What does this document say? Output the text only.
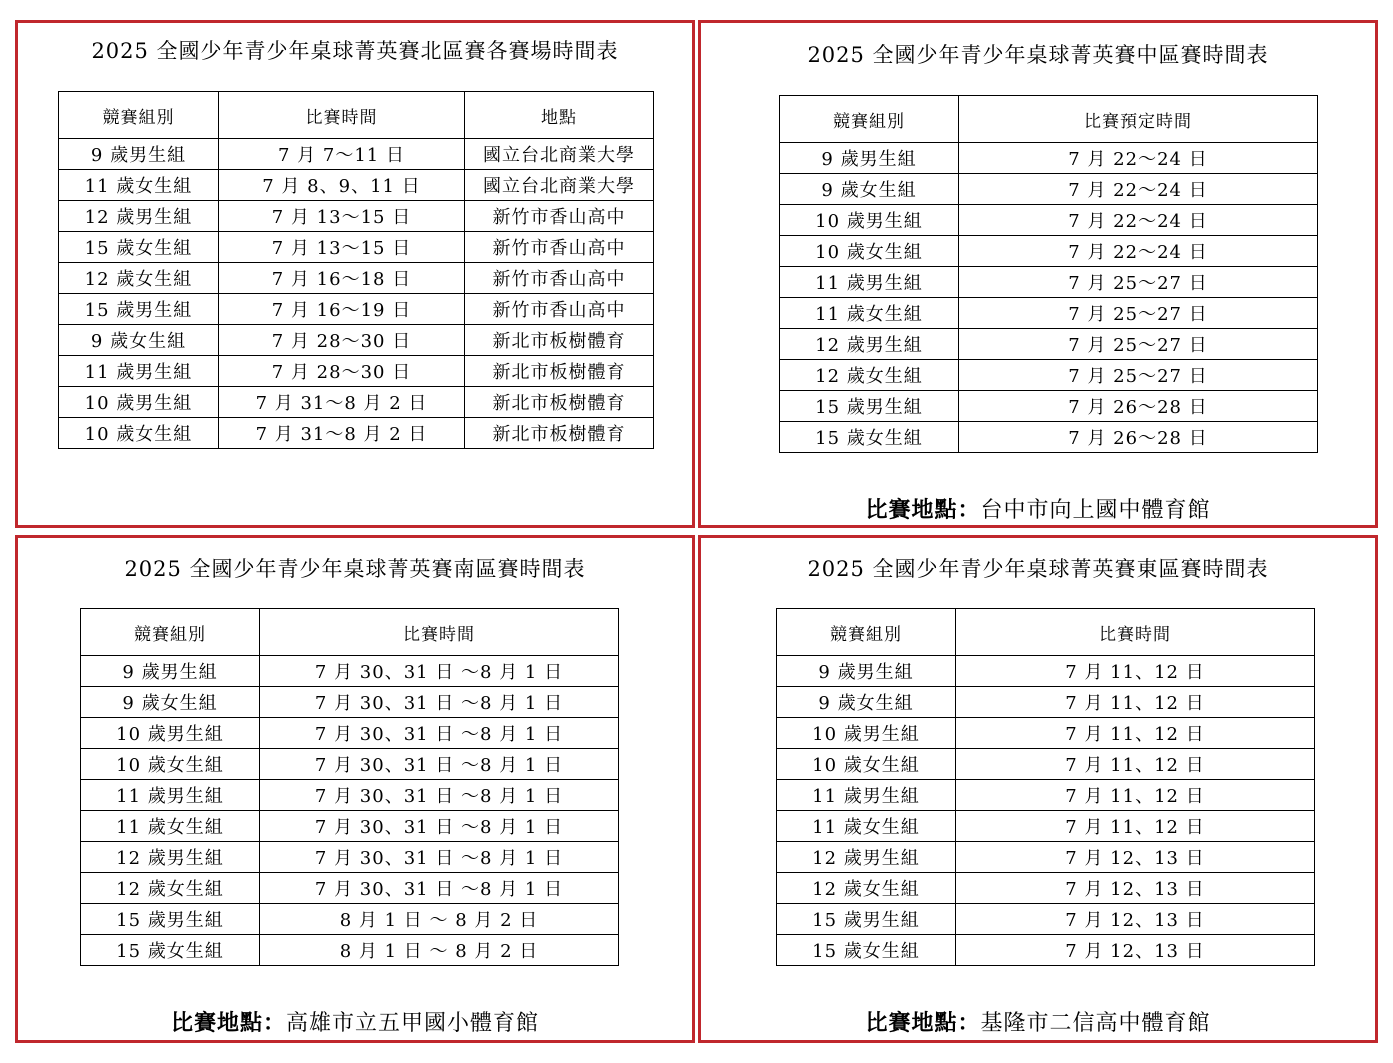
2025 全國少年青少年桌球菁英賽北區賽各賽場時間表
競賽組別	比賽時間	地點
9 歲男生組	7 月 7～11 日	國立台北商業大學
11 歲女生組	7 月 8、9、11 日	國立台北商業大學
12 歲男生組	7 月 13～15 日	新竹市香山高中
15 歲女生組	7 月 13～15 日	新竹市香山高中
12 歲女生組	7 月 16～18 日	新竹市香山高中
15 歲男生組	7 月 16～19 日	新竹市香山高中
9 歲女生組	7 月 28～30 日	新北市板樹體育
11 歲男生組	7 月 28～30 日	新北市板樹體育
10 歲男生組	7 月 31～8 月 2 日	新北市板樹體育
10 歲女生組	7 月 31～8 月 2 日	新北市板樹體育
2025 全國少年青少年桌球菁英賽中區賽時間表
競賽組別	比賽預定時間
9 歲男生組	7 月 22～24 日
9 歲女生組	7 月 22～24 日
10 歲男生組	7 月 22～24 日
10 歲女生組	7 月 22～24 日
11 歲男生組	7 月 25～27 日
11 歲女生組	7 月 25～27 日
12 歲男生組	7 月 25～27 日
12 歲女生組	7 月 25～27 日
15 歲男生組	7 月 26～28 日
15 歲女生組	7 月 26～28 日
比賽地點：台中市向上國中體育館
2025 全國少年青少年桌球菁英賽南區賽時間表
競賽組別	比賽時間
9 歲男生組	7 月 30、31 日 ～8 月 1 日
9 歲女生組	7 月 30、31 日 ～8 月 1 日
10 歲男生組	7 月 30、31 日 ～8 月 1 日
10 歲女生組	7 月 30、31 日 ～8 月 1 日
11 歲男生組	7 月 30、31 日 ～8 月 1 日
11 歲女生組	7 月 30、31 日 ～8 月 1 日
12 歲男生組	7 月 30、31 日 ～8 月 1 日
12 歲女生組	7 月 30、31 日 ～8 月 1 日
15 歲男生組	8 月 1 日 ～ 8 月 2 日
15 歲女生組	8 月 1 日 ～ 8 月 2 日
比賽地點：高雄市立五甲國小體育館
2025 全國少年青少年桌球菁英賽東區賽時間表
競賽組別	比賽時間
9 歲男生組	7 月 11、12 日
9 歲女生組	7 月 11、12 日
10 歲男生組	7 月 11、12 日
10 歲女生組	7 月 11、12 日
11 歲男生組	7 月 11、12 日
11 歲女生組	7 月 11、12 日
12 歲男生組	7 月 12、13 日
12 歲女生組	7 月 12、13 日
15 歲男生組	7 月 12、13 日
15 歲女生組	7 月 12、13 日
比賽地點：基隆市二信高中體育館
